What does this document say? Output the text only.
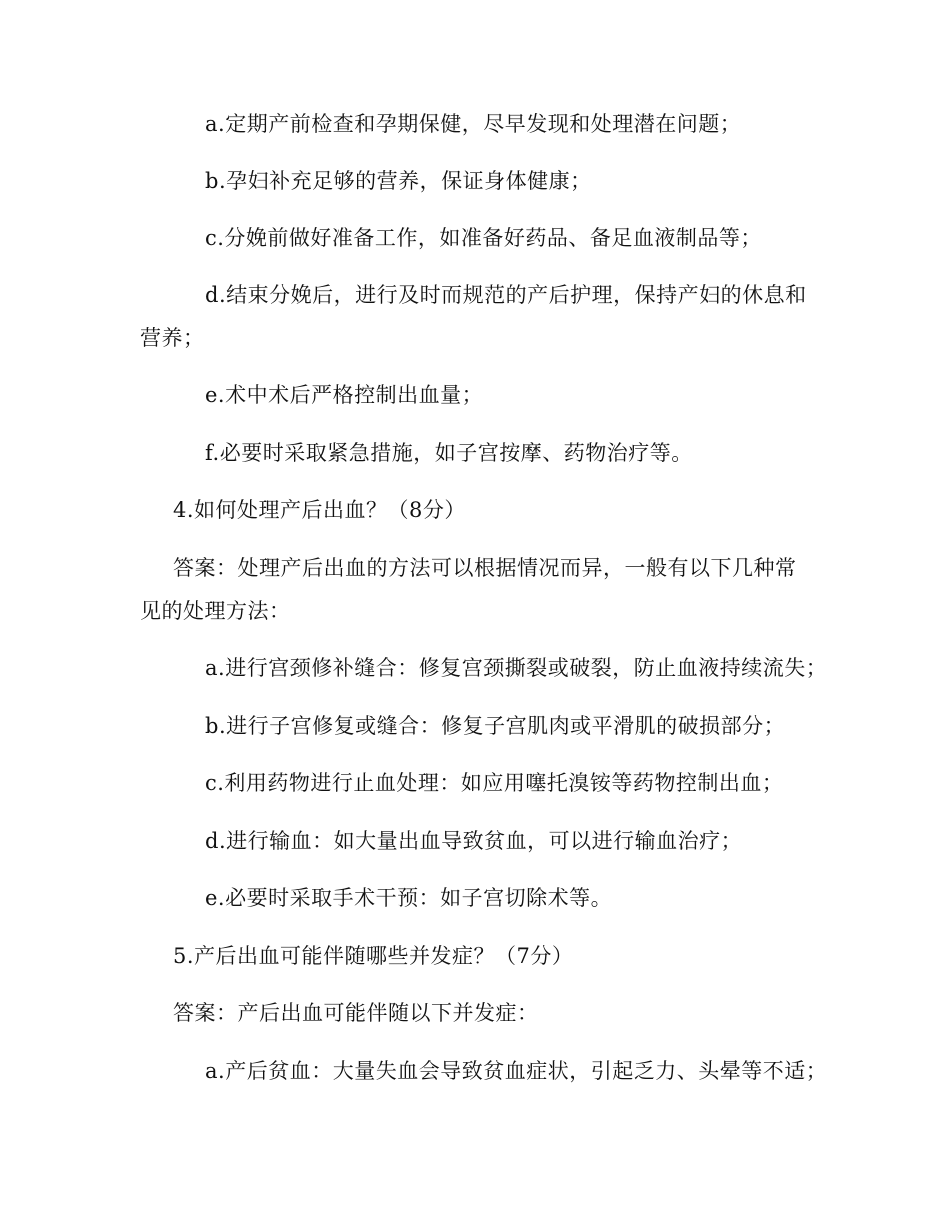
a.定期产前检查和孕期保健，尽早发现和处理潜在问题；
b.孕妇补充足够的营养，保证身体健康；
c.分娩前做好准备工作，如准备好药品、备足血液制品等；
d.结束分娩后，进行及时而规范的产后护理，保持产妇的休息和
营养；
e.术中术后严格控制出血量；
f.必要时采取紧急措施，如子宫按摩、药物治疗等。
4.如何处理产后出血？（8分）
答案：处理产后出血的方法可以根据情况而异，一般有以下几种常
见的处理方法：
a.进行宫颈修补缝合：修复宫颈撕裂或破裂，防止血液持续流失；
b.进行子宫修复或缝合：修复子宫肌肉或平滑肌的破损部分；
c.利用药物进行止血处理：如应用噻托溴铵等药物控制出血；
d.进行输血：如大量出血导致贫血，可以进行输血治疗；
e.必要时采取手术干预：如子宫切除术等。
5.产后出血可能伴随哪些并发症？（7分）
答案：产后出血可能伴随以下并发症：
a.产后贫血：大量失血会导致贫血症状，引起乏力、头晕等不适；
